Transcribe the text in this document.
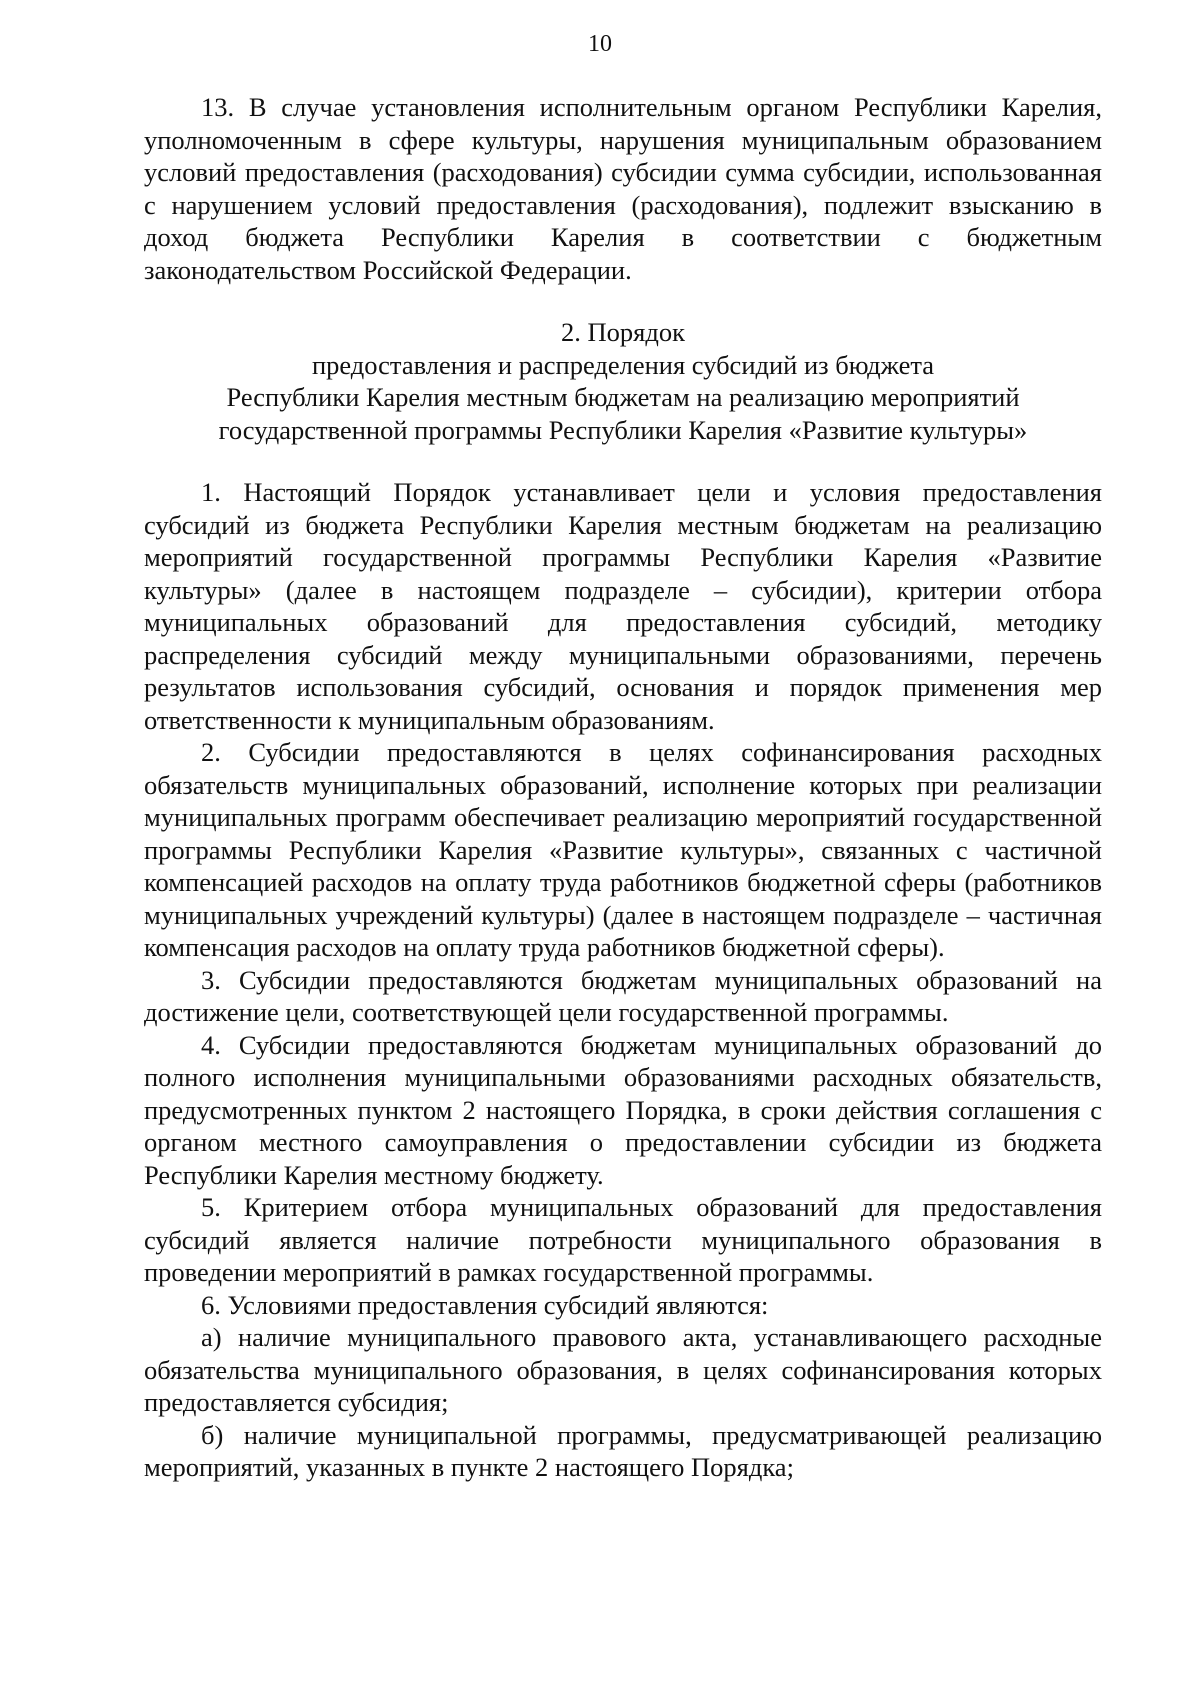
10

13. В случае установления исполнительным органом Республики Карелия, уполномоченным в сфере культуры, нарушения муниципальным образованием условий предоставления (расходования) субсидии сумма субсидии, использованная с нарушением условий предоставления (расходования), подлежит взысканию в доход бюджета Республики Карелия в соответствии с бюджетным законодательством Российской Федерации.

2. Порядок
предоставления и распределения субсидий из бюджета
Республики Карелия местным бюджетам на реализацию мероприятий
государственной программы Республики Карелия «Развитие культуры»

1. Настоящий Порядок устанавливает цели и условия предоставления субсидий из бюджета Республики Карелия местным бюджетам на реализацию мероприятий государственной программы Республики Карелия «Развитие культуры» (далее в настоящем подразделе – субсидии), критерии отбора муниципальных образований для предоставления субсидий, методику распределения субсидий между муниципальными образованиями, перечень результатов использования субсидий, основания и порядок применения мер ответственности к муниципальным образованиям.

2. Субсидии предоставляются в целях софинансирования расходных обязательств муниципальных образований, исполнение которых при реализации муниципальных программ обеспечивает реализацию мероприятий государственной программы Республики Карелия «Развитие культуры», связанных с частичной компенсацией расходов на оплату труда работников бюджетной сферы (работников муниципальных учреждений культуры) (далее в настоящем подразделе – частичная компенсация расходов на оплату труда работников бюджетной сферы).

3. Субсидии предоставляются бюджетам муниципальных образований на достижение цели, соответствующей цели государственной программы.

4. Субсидии предоставляются бюджетам муниципальных образований до полного исполнения муниципальными образованиями расходных обязательств, предусмотренных пунктом 2 настоящего Порядка, в сроки действия соглашения с органом местного самоуправления о предоставлении субсидии из бюджета Республики Карелия местному бюджету.

5. Критерием отбора муниципальных образований для предоставления субсидий является наличие потребности муниципального образования в проведении мероприятий в рамках государственной программы.

6. Условиями предоставления субсидий являются:

а) наличие муниципального правового акта, устанавливающего расходные обязательства муниципального образования, в целях софинансирования которых предоставляется субсидия;

б) наличие муниципальной программы, предусматривающей реализацию мероприятий, указанных в пункте 2 настоящего Порядка;
